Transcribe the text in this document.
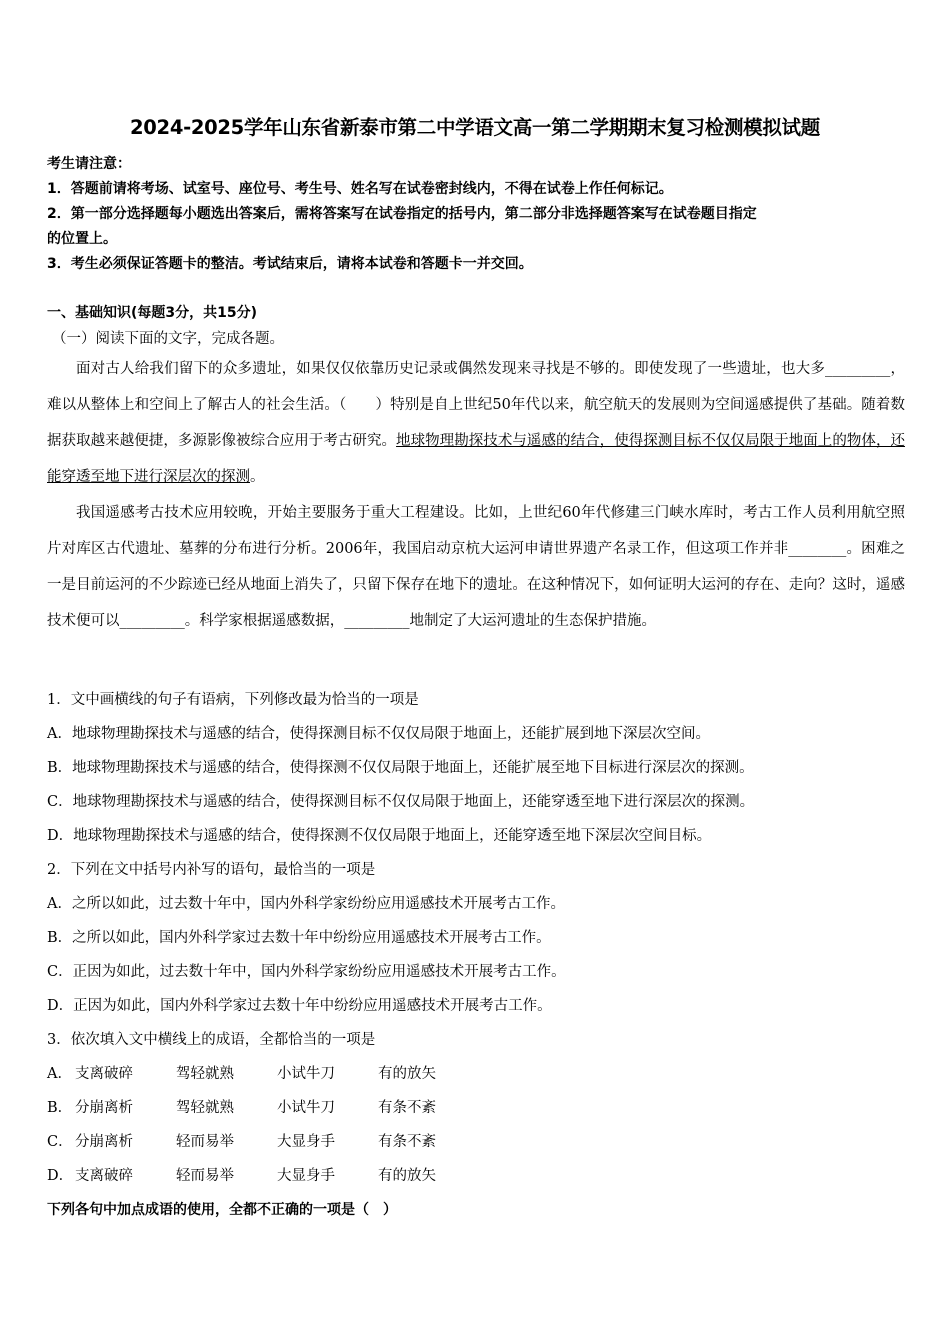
2024-2025学年山东省新泰市第二中学语文高一第二学期期末复习检测模拟试题
考生请注意：
1．答题前请将考场、试室号、座位号、考生号、姓名写在试卷密封线内，不得在试卷上作任何标记。
2．第一部分选择题每小题选出答案后，需将答案写在试卷指定的括号内，第二部分非选择题答案写在试卷题目指定
的位置上。
3．考生必须保证答题卡的整洁。考试结束后，请将本试卷和答题卡一并交回。
一、基础知识(每题3分，共15分)
（一）阅读下面的文字，完成各题。

面对古人给我们留下的众多遗址，如果仅仅依靠历史记录或偶然发现来寻找是不够的。即使发现了一些遗址，也大多_________，难以从整体上和空间上了解古人的社会生活。（　　）特别是自上世纪50年代以来，航空航天的发展则为空间遥感提供了基础。随着数据获取越来越便捷，多源影像被综合应用于考古研究。地球物理勘探技术与遥感的结合，使得探测目标不仅仅局限于地面上的物体，还能穿透至地下进行深层次的探测。

我国遥感考古技术应用较晚，开始主要服务于重大工程建设。比如，上世纪60年代修建三门峡水库时，考古工作人员利用航空照片对库区古代遗址、墓葬的分布进行分析。2006年，我国启动京杭大运河申请世界遗产名录工作，但这项工作并非________。困难之一是目前运河的不少踪迹已经从地面上消失了，只留下保存在地下的遗址。在这种情况下，如何证明大运河的存在、走向？这时，遥感技术便可以_________。科学家根据遥感数据，_________地制定了大运河遗址的生态保护措施。

1．文中画横线的句子有语病，下列修改最为恰当的一项是
A．地球物理勘探技术与遥感的结合，使得探测目标不仅仅局限于地面上，还能扩展到地下深层次空间。
B．地球物理勘探技术与遥感的结合，使得探测不仅仅局限于地面上，还能扩展至地下目标进行深层次的探测。
C．地球物理勘探技术与遥感的结合，使得探测目标不仅仅局限于地面上，还能穿透至地下进行深层次的探测。
D．地球物理勘探技术与遥感的结合，使得探测不仅仅局限于地面上，还能穿透至地下深层次空间目标。
2．下列在文中括号内补写的语句，最恰当的一项是
A．之所以如此，过去数十年中，国内外科学家纷纷应用遥感技术开展考古工作。
B．之所以如此，国内外科学家过去数十年中纷纷应用遥感技术开展考古工作。
C．正因为如此，过去数十年中，国内外科学家纷纷应用遥感技术开展考古工作。
D．正因为如此，国内外科学家过去数十年中纷纷应用遥感技术开展考古工作。
3．依次填入文中横线上的成语，全都恰当的一项是
A． 支离破碎	驾轻就熟	小试牛刀	有的放矢
B． 分崩离析	驾轻就熟	小试牛刀	有条不紊
C． 分崩离析	轻而易举	大显身手	有条不紊
D． 支离破碎	轻而易举	大显身手	有的放矢
下列各句中加点成语的使用，全都不正确的一项是（　）
